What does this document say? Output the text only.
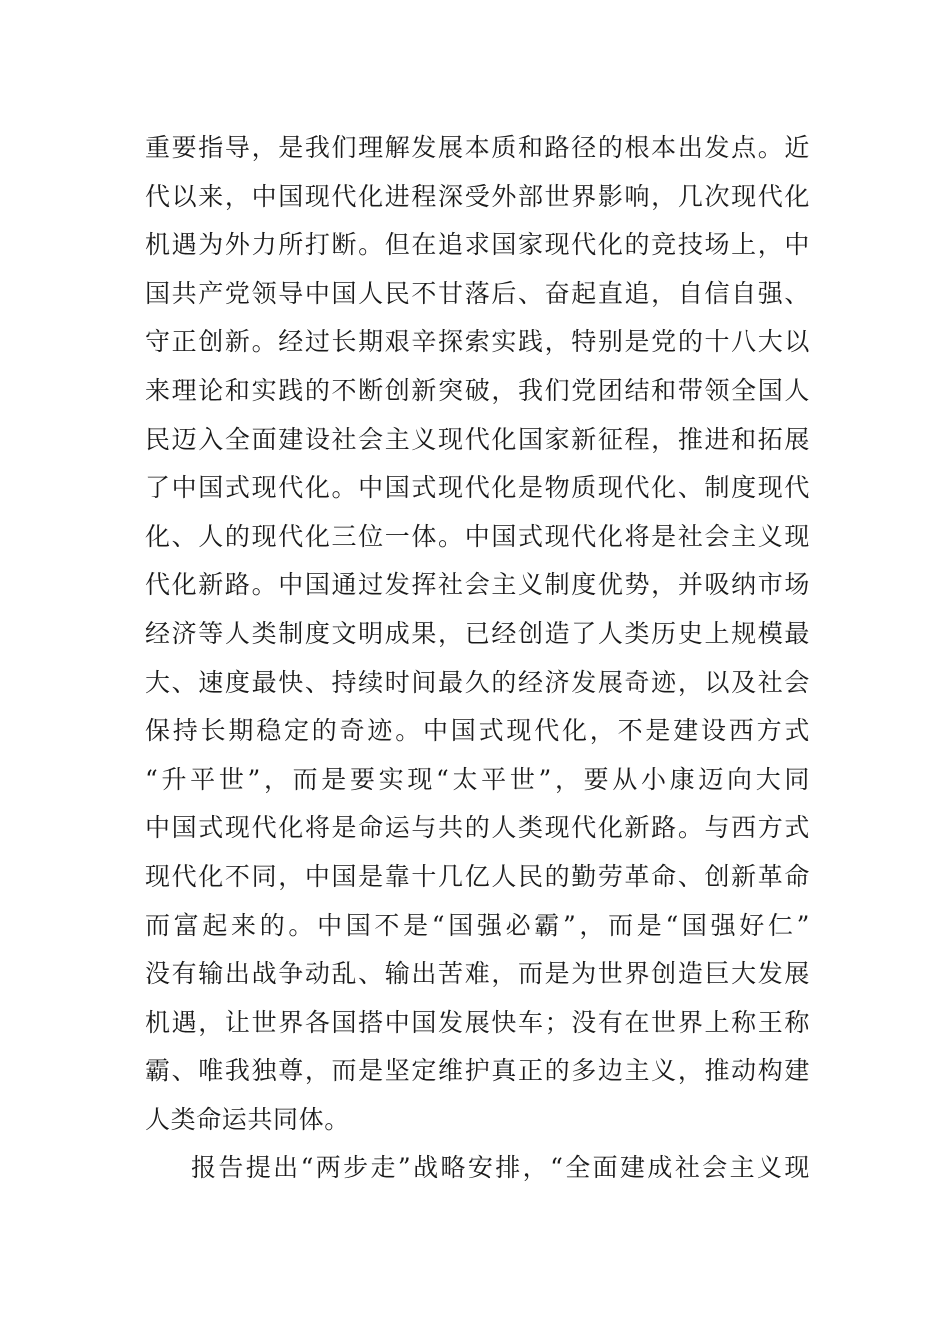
重要指导，是我们理解发展本质和路径的根本出发点。近
代以来，中国现代化进程深受外部世界影响，几次现代化
机遇为外力所打断。但在追求国家现代化的竞技场上，中
国共产党领导中国人民不甘落后、奋起直追，自信自强、
守正创新。经过长期艰辛探索实践，特别是党的十八大以
来理论和实践的不断创新突破，我们党团结和带领全国人
民迈入全面建设社会主义现代化国家新征程，推进和拓展
了中国式现代化。中国式现代化是物质现代化、制度现代
化、人的现代化三位一体。中国式现代化将是社会主义现
代化新路。中国通过发挥社会主义制度优势，并吸纳市场
经济等人类制度文明成果，已经创造了人类历史上规模最
大、速度最快、持续时间最久的经济发展奇迹，以及社会
保持长期稳定的奇迹。中国式现代化，不是建设西方式
“升平世”，而是要实现“太平世”，要从小康迈向大同
中国式现代化将是命运与共的人类现代化新路。与西方式
现代化不同，中国是靠十几亿人民的勤劳革命、创新革命
而富起来的。中国不是“国强必霸”，而是“国强好仁”
没有输出战争动乱、输出苦难，而是为世界创造巨大发展
机遇，让世界各国搭中国发展快车；没有在世界上称王称
霸、唯我独尊，而是坚定维护真正的多边主义，推动构建
人类命运共同体。
报告提出“两步走”战略安排，“全面建成社会主义现
